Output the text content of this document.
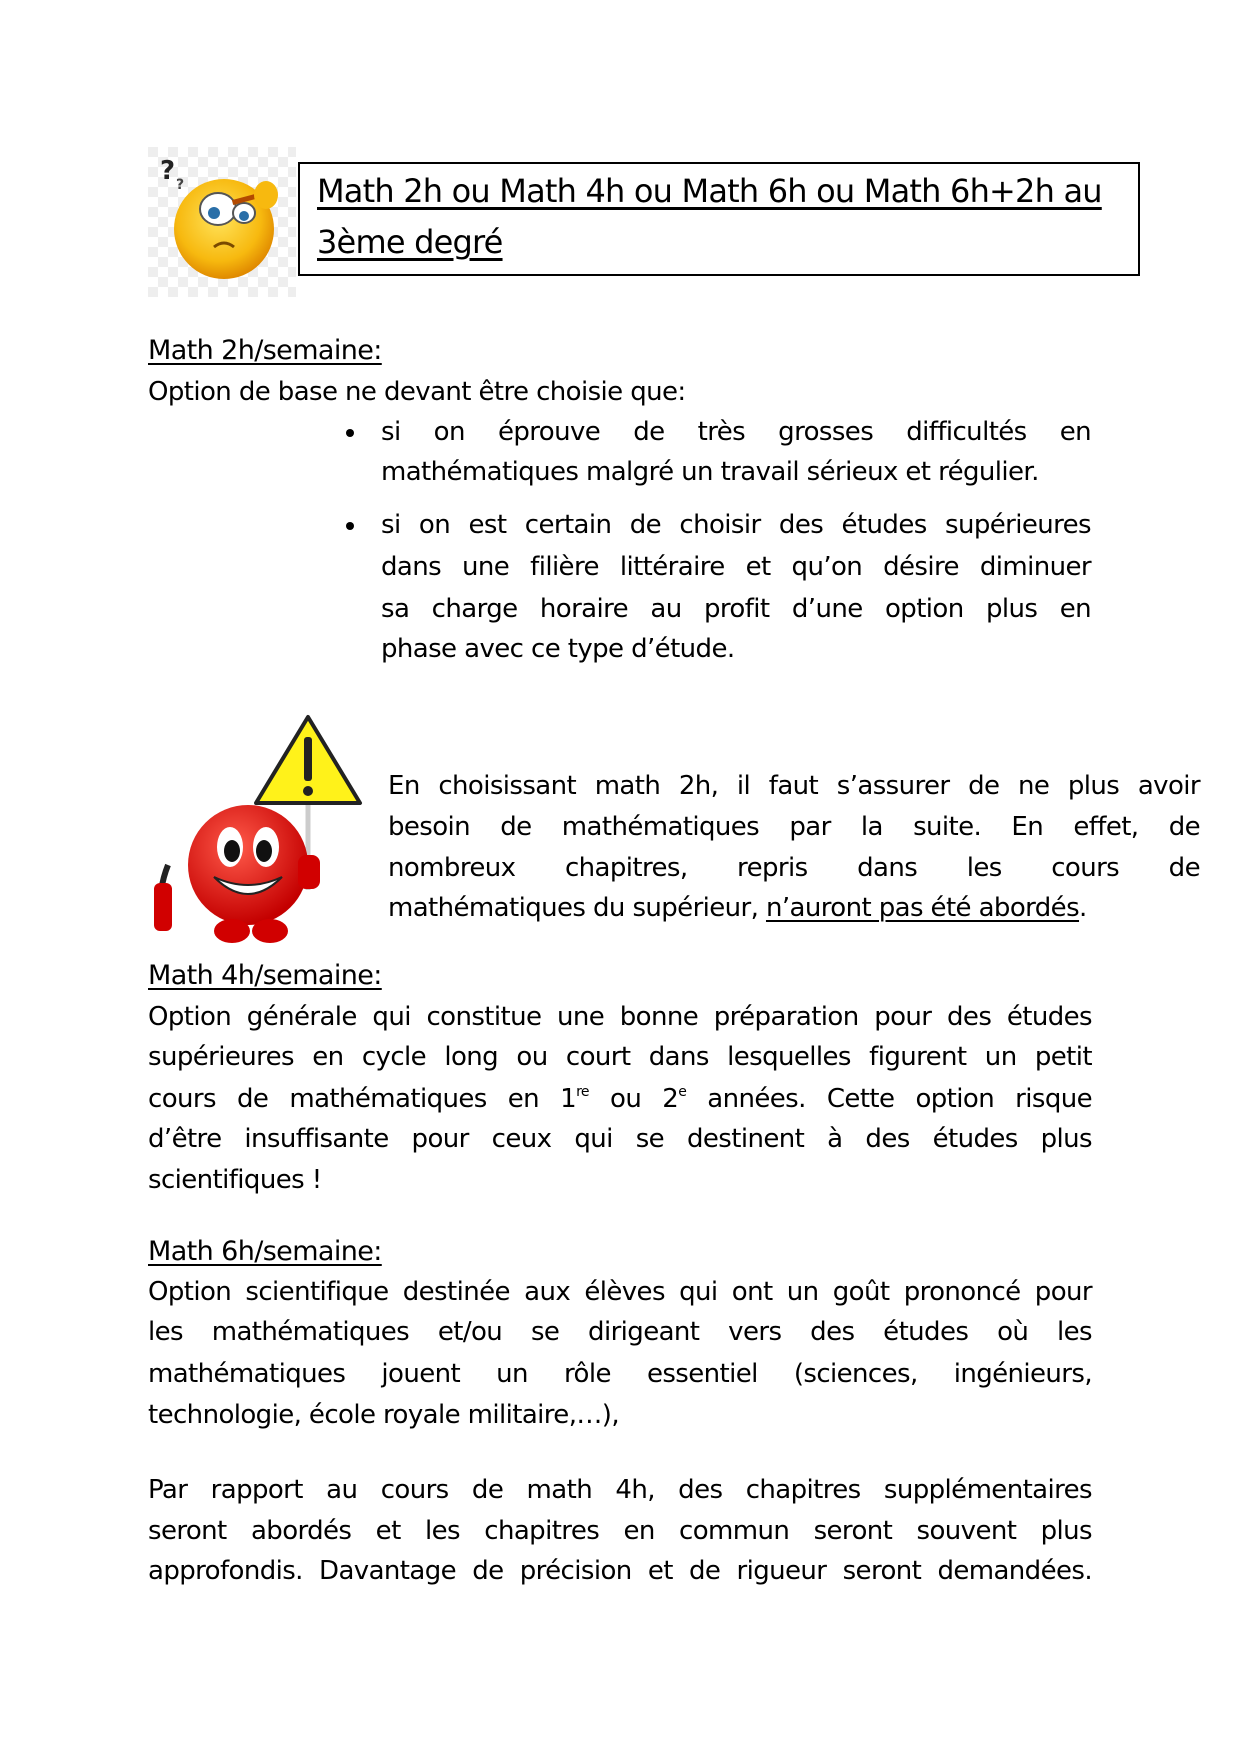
? ?	Math 2h ou Math 4h ou Math 6h ou Math 6h+2h au
3ème degré
Math 2h/semaine:
Option de base ne devant être choisie que:
si on éprouve de très grosses difficultés en
mathématiques malgré un travail sérieux et régulier.
si on est certain de choisir des études supérieures
dans une filière littéraire et qu’on désire diminuer
sa charge horaire au profit d’une option plus en
phase avec ce type d’étude.
En choisissant math 2h, il faut s’assurer de ne plus avoir
besoin de mathématiques par la suite. En effet, de
nombreux chapitres, repris dans les cours de
mathématiques du supérieur, n’auront pas été abordés.
Math 4h/semaine:
Option générale qui constitue une bonne préparation pour des études
supérieures en cycle long ou court dans lesquelles figurent un petit
cours de mathématiques en 1re ou 2e années. Cette option risque
d’être insuffisante pour ceux qui se destinent à des études plus
scientifiques !
Math 6h/semaine:
Option scientifique destinée aux élèves qui ont un goût prononcé pour
les mathématiques et/ou se dirigeant vers des études où les
mathématiques jouent un rôle essentiel (sciences, ingénieurs,
technologie, école royale militaire,…),
Par rapport au cours de math 4h, des chapitres supplémentaires
seront abordés et les chapitres en commun seront souvent plus
approfondis. Davantage de précision et de rigueur seront demandées.
